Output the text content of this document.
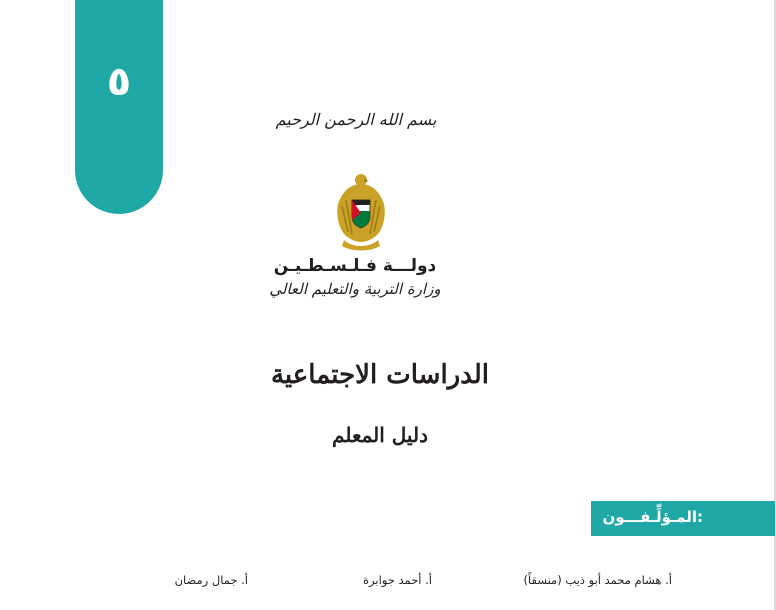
٥
بسم الله الرحمن الرحيم
دولـــة فـلـسـطـيـن
وزارة التربية والتعليم العالي
الدراسات الاجتماعية
دليل المعلم
المـؤلِّـفـــون:
أ. هشام محمد أبو ذيب (منسقاً)
أ. أحمد جوابرة
أ. جمال رمضان
